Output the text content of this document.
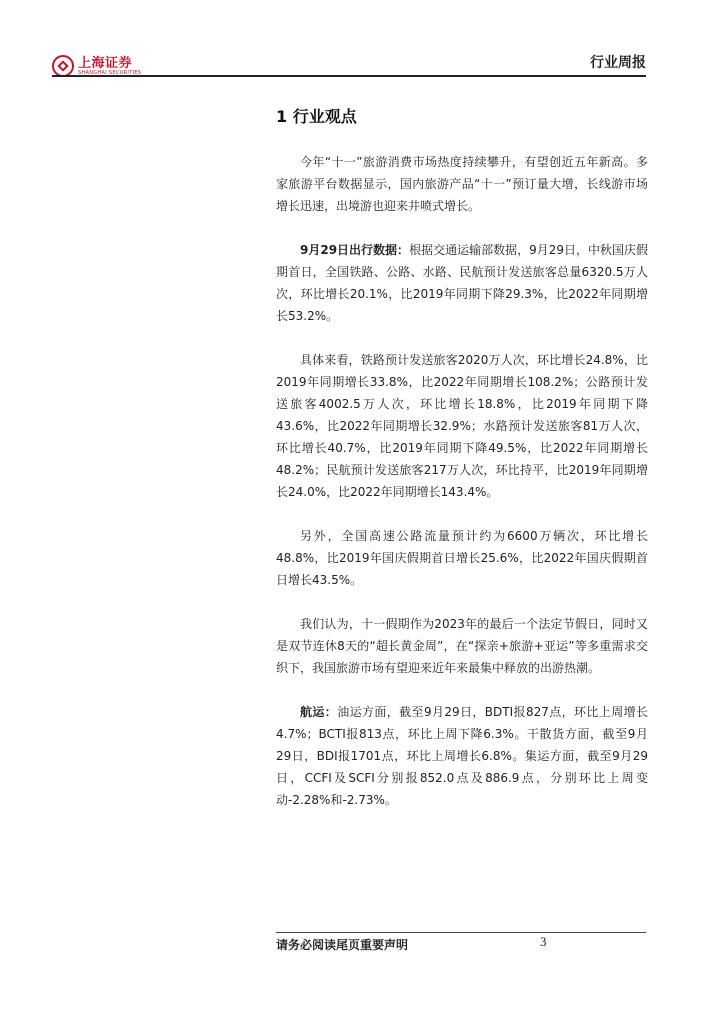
上海证券
SHANGHAI SECURITIES
行业周报
1 行业观点

今年“十一”旅游消费市场热度持续攀升，有望创近五年新高。多家旅游平台数据显示，国内旅游产品“十一”预订量大增，长线游市场增长迅速，出境游也迎来井喷式增长。

9月29日出行数据：根据交通运输部数据，9月29日，中秋国庆假期首日，全国铁路、公路、水路、民航预计发送旅客总量6320.5万人次，环比增长20.1%，比2019年同期下降29.3%，比2022年同期增长53.2%。

具体来看，铁路预计发送旅客2020万人次，环比增长24.8%，比2019年同期增长33.8%，比2022年同期增长108.2%；公路预计发送旅客4002.5万人次，环比增长18.8%，比2019年同期下降43.6%，比2022年同期增长32.9%；水路预计发送旅客81万人次，环比增长40.7%，比2019年同期下降49.5%，比2022年同期增长48.2%；民航预计发送旅客217万人次，环比持平，比2019年同期增长24.0%，比2022年同期增长143.4%。

另外，全国高速公路流量预计约为6600万辆次，环比增长48.8%，比2019年国庆假期首日增长25.6%，比2022年国庆假期首日增长43.5%。

我们认为，十一假期作为2023年的最后一个法定节假日，同时又是双节连休8天的“超长黄金周”，在“探亲+旅游+亚运”等多重需求交织下，我国旅游市场有望迎来近年来最集中释放的出游热潮。

航运：油运方面，截至9月29日，BDTI报827点，环比上周增长4.7%；BCTI报813点，环比上周下降6.3%。干散货方面，截至9月29日，BDI报1701点，环比上周增长6.8%。集运方面，截至9月29日，CCFI及SCFI分别报852.0点及886.9点，分别环比上周变动-2.28%和-2.73%。

请务必阅读尾页重要声明	3
